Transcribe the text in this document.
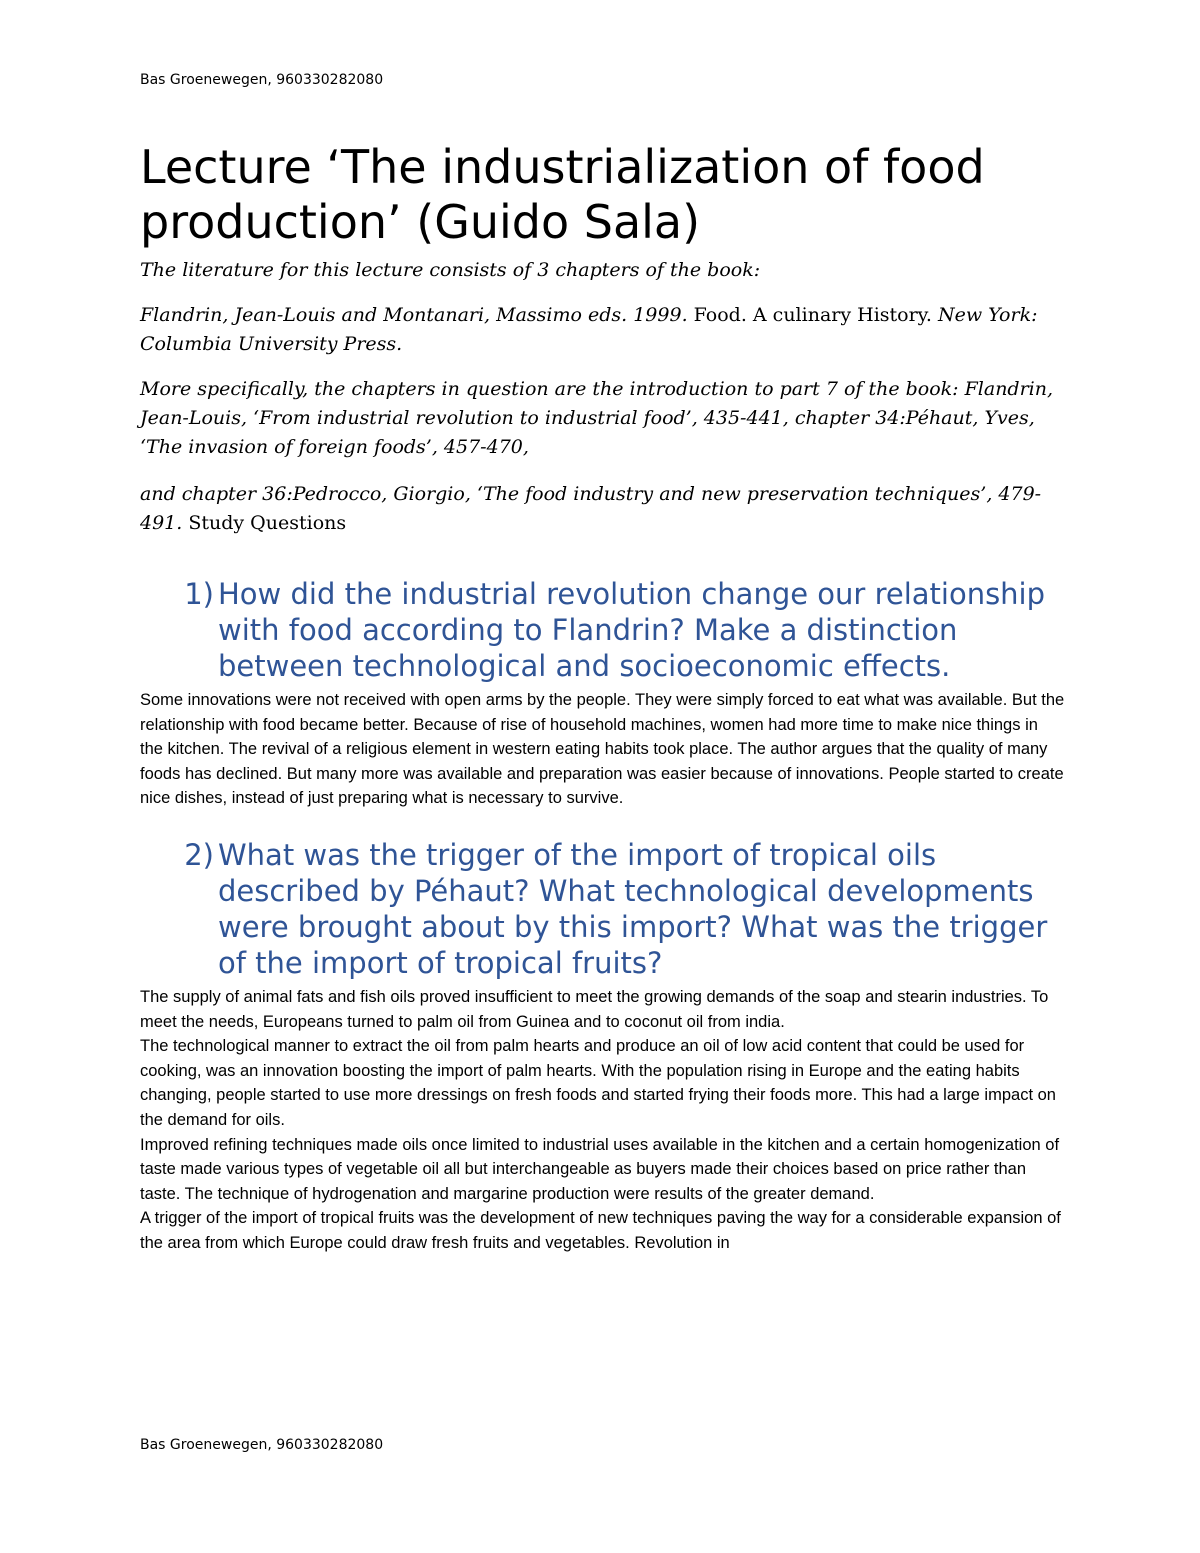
Bas Groenewegen, 960330282080
Lecture ‘The industrialization of food production’ (Guido Sala)

The literature for this lecture consists of 3 chapters of the book:

Flandrin, Jean-Louis and Montanari, Massimo eds. 1999. Food. A culinary History. New York: Columbia University Press.

More specifically, the chapters in question are the introduction to part 7 of the book: Flandrin, Jean-Louis, ‘From industrial revolution to industrial food’, 435-441, chapter 34:Péhaut, Yves, ‘The invasion of foreign foods’, 457-470,

and chapter 36:Pedrocco, Giorgio, ‘The food industry and new preservation techniques’, 479-491. Study Questions

1) How did the industrial revolution change our relationship with food according to Flandrin? Make a distinction between technological and socioeconomic effects.

Some innovations were not received with open arms by the people. They were simply forced to eat what was available. But the relationship with food became better. Because of rise of household machines, women had more time to make nice things in the kitchen. The revival of a religious element in western eating habits took place. The author argues that the quality of many foods has declined. But many more was available and preparation was easier because of innovations. People started to create nice dishes, instead of just preparing what is necessary to survive.

2) What was the trigger of the import of tropical oils described by Péhaut? What technological developments were brought about by this import? What was the trigger of the import of tropical fruits?

The supply of animal fats and fish oils proved insufficient to meet the growing demands of the soap and stearin industries. To meet the needs, Europeans turned to palm oil from Guinea and to coconut oil from india.

The technological manner to extract the oil from palm hearts and produce an oil of low acid content that could be used for cooking, was an innovation boosting the import of palm hearts. With the population rising in Europe and the eating habits changing, people started to use more dressings on fresh foods and started frying their foods more. This had a large impact on the demand for oils.

Improved refining techniques made oils once limited to industrial uses available in the kitchen and a certain homogenization of taste made various types of vegetable oil all but interchangeable as buyers made their choices based on price rather than taste. The technique of hydrogenation and margarine production were results of the greater demand.

A trigger of the import of tropical fruits was the development of new techniques paving the way for a considerable expansion of the area from which Europe could draw fresh fruits and vegetables. Revolution in

Bas Groenewegen, 960330282080
